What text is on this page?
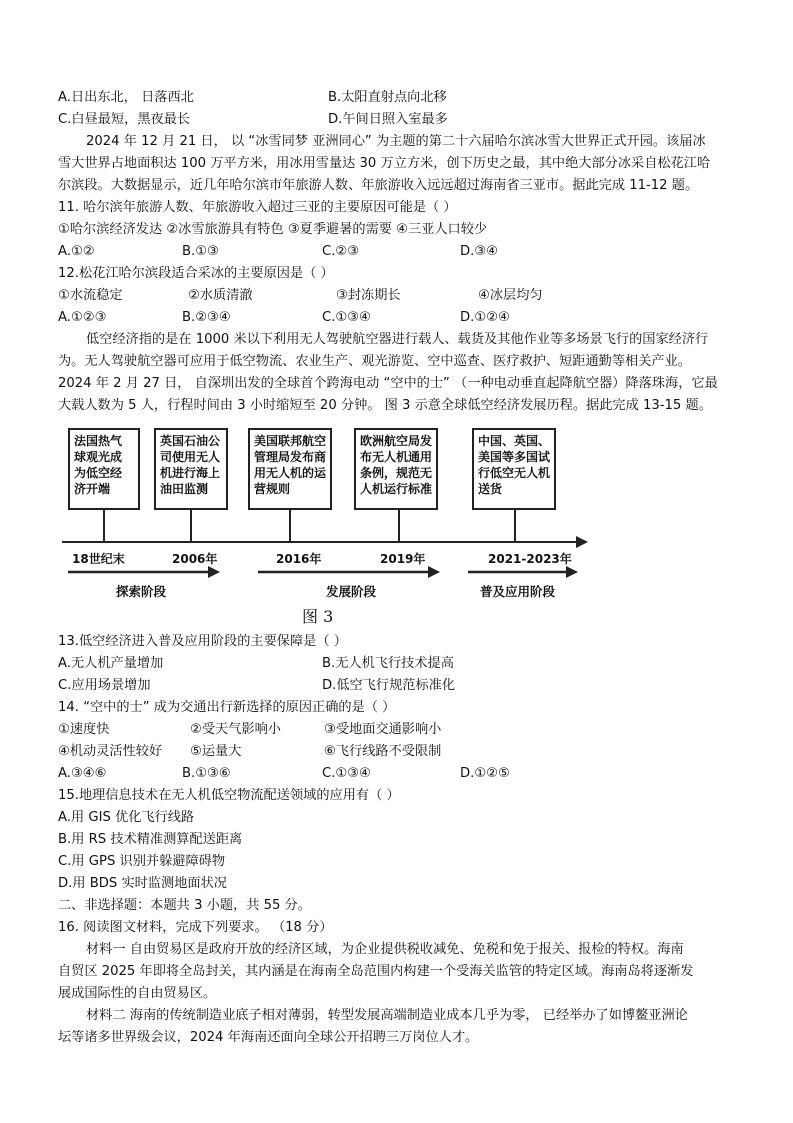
A.日出东北， 日落西北	B.太阳直射点向北移
C.白昼最短，黑夜最长	D.午间日照入室最多
2024 年 12 月 21 日， 以 “冰雪同梦 亚洲同心” 为主题的第二十六届哈尔滨冰雪大世界正式开园。该届冰
雪大世界占地面积达 100 万平方米，用冰用雪量达 30 万立方米，创下历史之最，其中绝大部分冰采自松花江哈
尔滨段。大数据显示，近几年哈尔滨市年旅游人数、年旅游收入远远超过海南省三亚市。据此完成 11-12 题。
11. 哈尔滨年旅游人数、年旅游收入超过三亚的主要原因可能是（ ）
①哈尔滨经济发达 ②冰雪旅游具有特色 ③夏季避暑的需要 ④三亚人口较少
A.①②	B.①③	C.②③	D.③④
12.松花江哈尔滨段适合采冰的主要原因是（ ）
①水流稳定	②水质清澈	③封冻期长	④冰层均匀
A.①②③	B.②③④	C.①③④	D.①②④
低空经济指的是在 1000 米以下利用无人驾驶航空器进行载人、载货及其他作业等多场景飞行的国家经济行
为。无人驾驶航空器可应用于低空物流、农业生产、观光游览、空中巡查、医疗救护、短距通勤等相关产业。
2024 年 2 月 27 日， 自深圳出发的全球首个跨海电动 “空中的士” （一种电动垂直起降航空器）降落珠海，它最
大载人数为 5 人，行程时间由 3 小时缩短至 20 分钟。 图 3 示意全球低空经济发展历程。据此完成 13-15 题。
法国热气
球观光成
为低空经
济开端
18世纪末
英国石油公
司使用无人
机进行海上
油田监测
2006年
美国联邦航空
管理局发布商
用无人机的运
营规则
2016年
欧洲航空局发
布无人机通用
条例，规范无
人机运行标准
2019年
中国、英国、
美国等多国试
行低空无人机
送货
2021-2023年
探索阶段	发展阶段	普及应用阶段
图 3
13.低空经济进入普及应用阶段的主要保障是（ ）
A.无人机产量增加	B.无人机飞行技术提高
C.应用场景增加	D.低空飞行规范标准化
14. “空中的士” 成为交通出行新选择的原因正确的是（ ）
①速度快	②受天气影响小	③受地面交通影响小
④机动灵活性较好 ⑤运量大	⑥飞行线路不受限制
A.③④⑥	B.①③⑥	C.①③④	D.①②⑤
15.地理信息技术在无人机低空物流配送领域的应用有（ ）
A.用 GIS 优化飞行线路
B.用 RS 技术精准测算配送距离
C.用 GPS 识别并躲避障碍物
D.用 BDS 实时监测地面状况
二、非选择题：本题共 3 小题，共 55 分。
16. 阅读图文材料，完成下列要求。 （18 分）
材料一 自由贸易区是政府开放的经济区域，为企业提供税收减免、免税和免于报关、报检的特权。海南
自贸区 2025 年即将全岛封关，其内涵是在海南全岛范围内构建一个受海关监管的特定区域。海南岛将逐渐发
展成国际性的自由贸易区。
材料二 海南的传统制造业底子相对薄弱，转型发展高端制造业成本几乎为零， 已经举办了如博鳌亚洲论
坛等诸多世界级会议，2024 年海南还面向全球公开招聘三万岗位人才。
